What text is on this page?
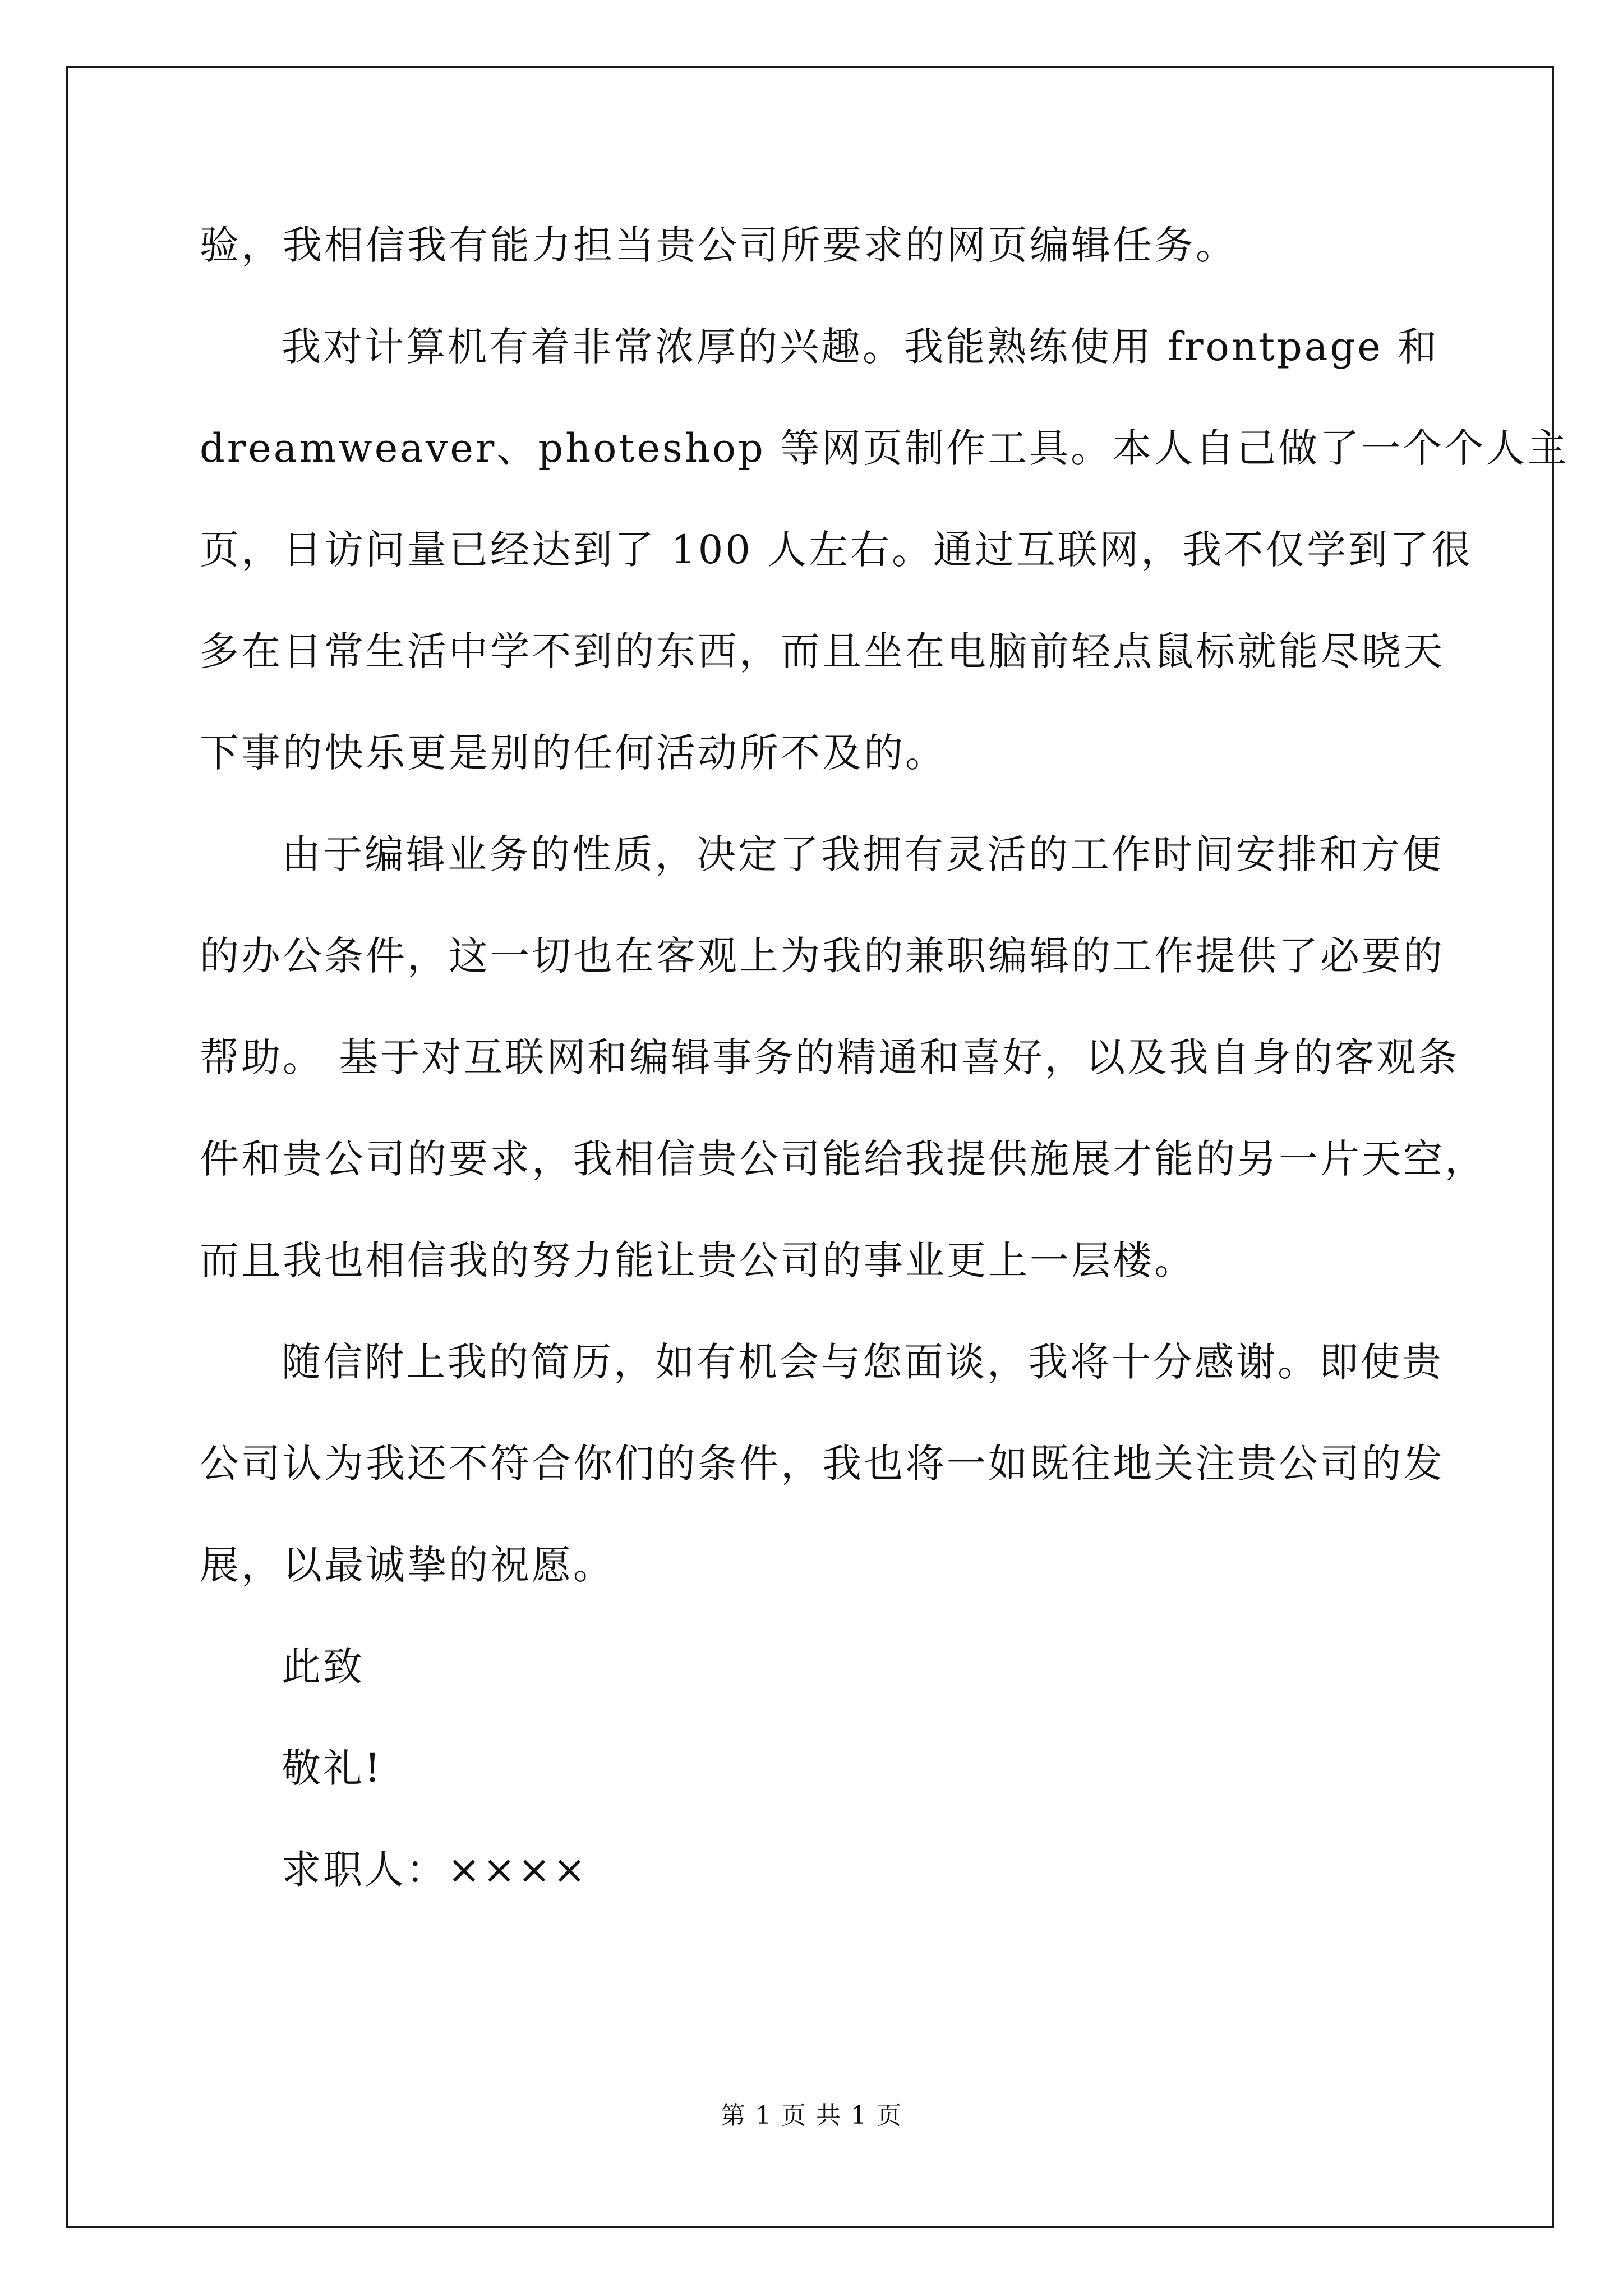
验，我相信我有能力担当贵公司所要求的网页编辑任务。
我对计算机有着非常浓厚的兴趣。我能熟练使用 frontpage 和
dreamweaver、photeshop 等网页制作工具。本人自己做了一个个人主
页，日访问量已经达到了 100 人左右。通过互联网，我不仅学到了很
多在日常生活中学不到的东西，而且坐在电脑前轻点鼠标就能尽晓天
下事的快乐更是别的任何活动所不及的。
由于编辑业务的性质，决定了我拥有灵活的工作时间安排和方便
的办公条件，这一切也在客观上为我的兼职编辑的工作提供了必要的
帮助。 基于对互联网和编辑事务的精通和喜好，以及我自身的客观条
件和贵公司的要求，我相信贵公司能给我提供施展才能的另一片天空，
而且我也相信我的努力能让贵公司的事业更上一层楼。
随信附上我的简历，如有机会与您面谈，我将十分感谢。即使贵
公司认为我还不符合你们的条件，我也将一如既往地关注贵公司的发
展，以最诚挚的祝愿。
此致
敬礼!
求职人：××××
第 1 页 共 1 页
